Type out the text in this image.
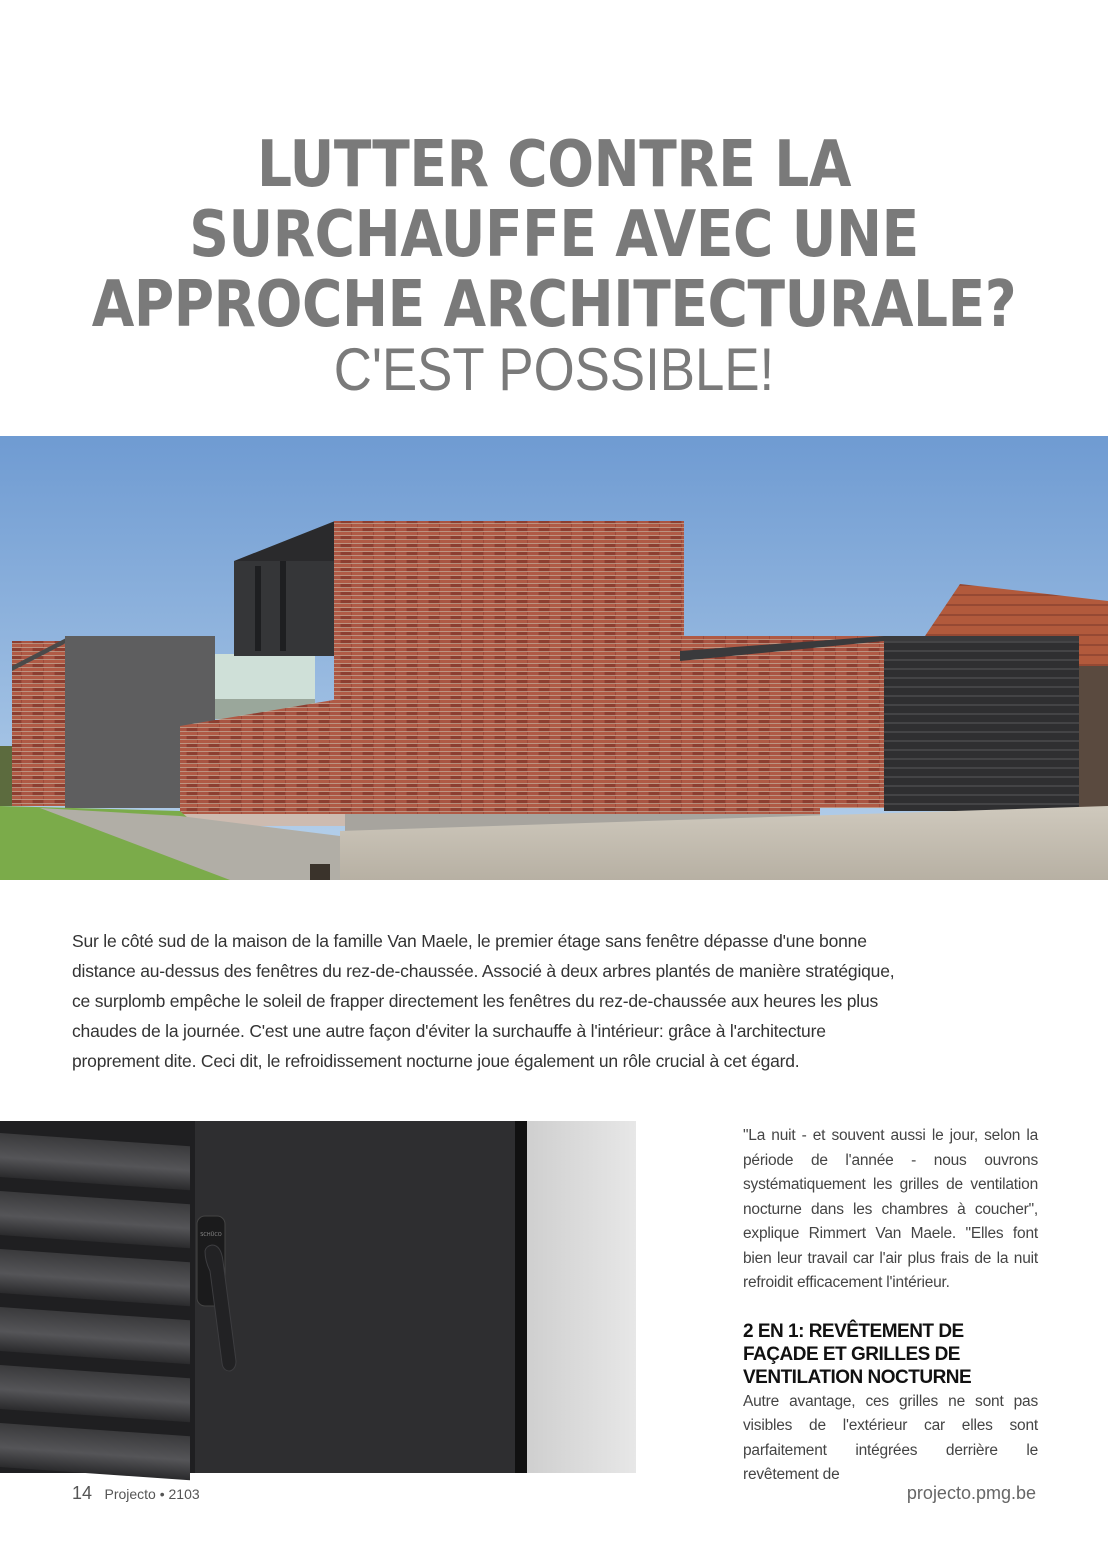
LUTTER CONTRE LA
SURCHAUFFE AVEC UNE
APPROCHE ARCHITECTURALE?
C'EST POSSIBLE!
Sur le côté sud de la maison de la famille Van Maele, le premier étage sans fenêtre dépasse d'une bonne distance au-dessus des fenêtres du rez-de-chaussée. Associé à deux arbres plantés de manière stratégique, ce surplomb empêche le soleil de frapper directement les fenêtres du rez-de-chaussée aux heures les plus chaudes de la journée. C'est une autre façon d'éviter la surchauffe à l'intérieur: grâce à l'architecture proprement dite. Ceci dit, le refroidissement nocturne joue également un rôle crucial à cet égard.
SCHÜCO

"La nuit - et souvent aussi le jour, selon la période de l'année - nous ouvrons systématiquement les grilles de ventilation nocturne dans les chambres à coucher", explique Rimmert Van Maele. "Elles font bien leur travail car l'air plus frais de la nuit refroidit efficacement l'intérieur.

2 EN 1: REVÊTEMENT DE FAÇADE ET GRILLES DE VENTILATION NOCTURNE

Autre avantage, ces grilles ne sont pas visibles de l'extérieur car elles sont parfaitement intégrées derrière le revêtement de

14 Projecto • 2103	projecto.pmg.be
